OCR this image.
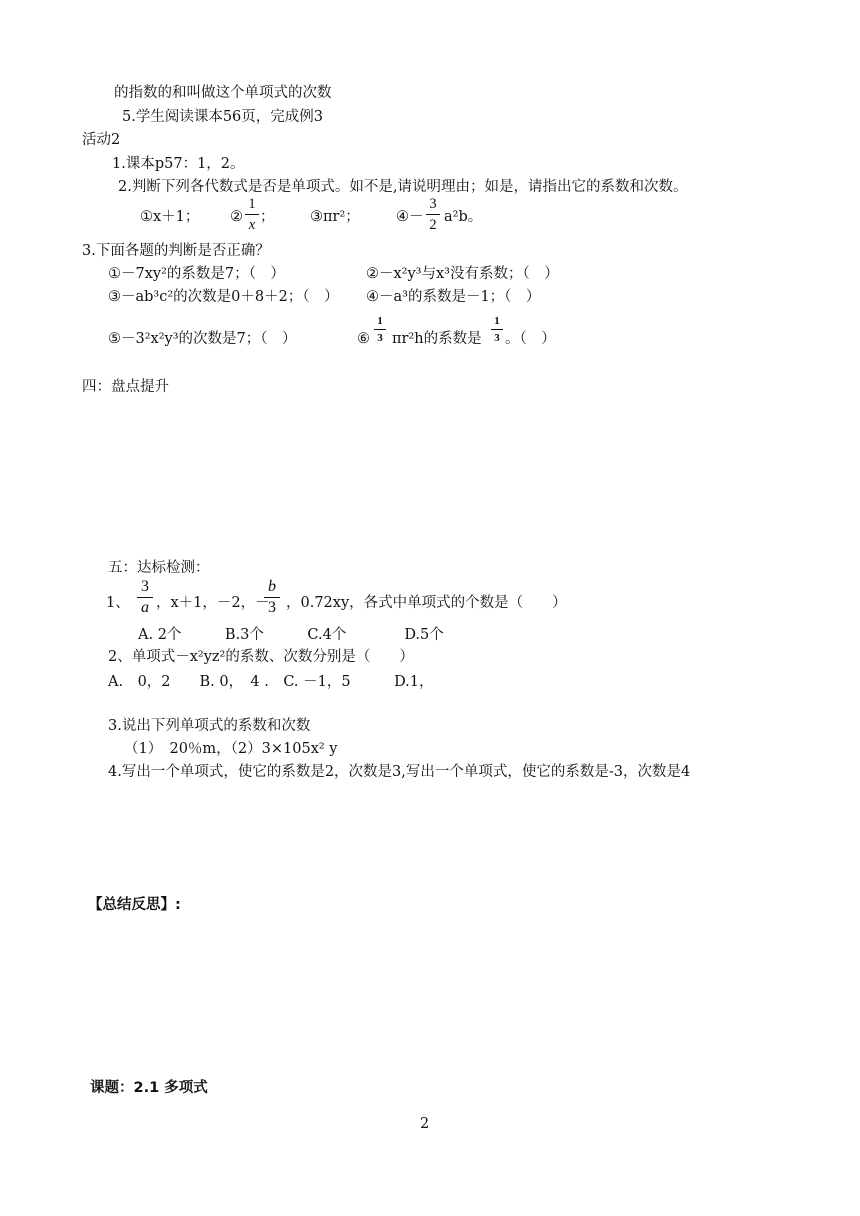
的指数的和叫做这个单项式的次数
5.学生阅读课本56页，完成例3
活动2
1.课本p57：1，2。
2.判断下列各代数式是否是单项式。如不是,请说明理由；如是，请指出它的系数和次数。
①x＋1； ②
1
x ； ③πr²； ④－
3
2 a²b。
3.下面各题的判断是否正确？
①－7xy²的系数是7；（　）	②－x²y³与x³没有系数；（　）
③－ab³c²的次数是0＋8＋2；（　） ④－a³的系数是－1；（　）
⑤－3²x²y³的次数是7；（　）	⑥
1
3 πr²h的系数是
1
3 。（　）
四：盘点提升
五：达标检测：
1、
3
a ，x＋1，－2，－
b
3 ，0.72xy，各式中单项式的个数是（　　）
A. 2个　　　B.3个　　　C.4个　　　　D.5个
2、单项式－x²yz²的系数、次数分别是（　　）
A.　0，2　　B. 0，　4 .　C. －1，5　　　D.1，
3.说出下列单项式的系数和次数
（1）　20％m，（2）3×105x² y
4.写出一个单项式，使它的系数是2，次数是3,写出一个单项式，使它的系数是-3，次数是4
【总结反思】:
课题：2.1 多项式
2
